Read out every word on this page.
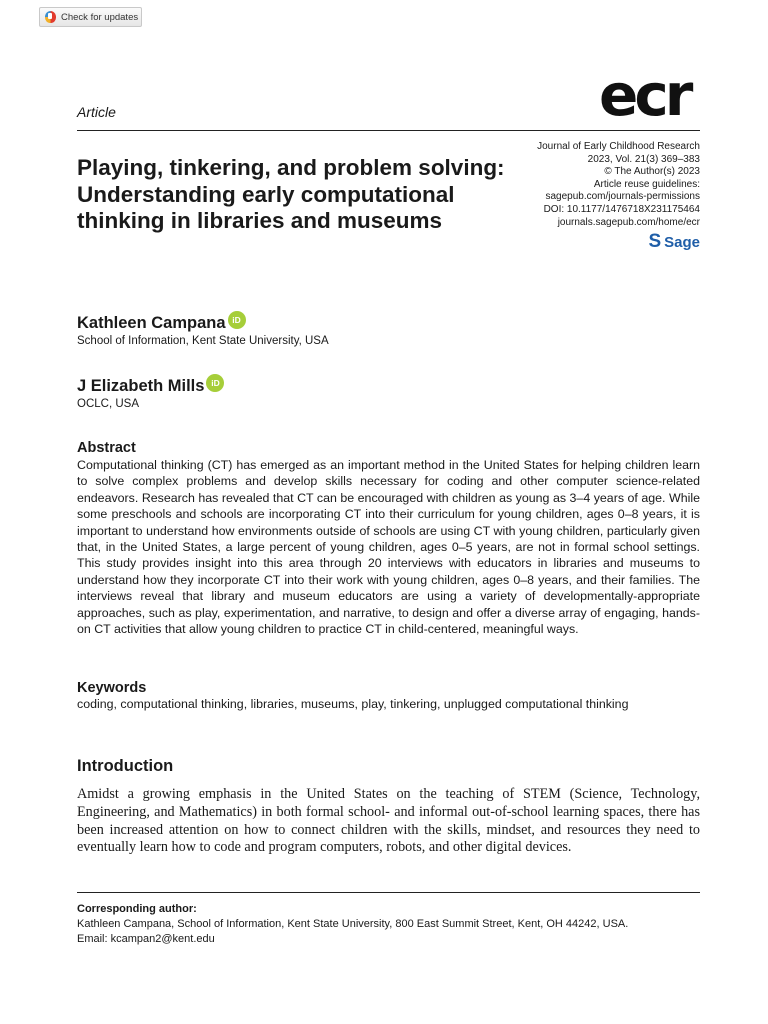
Check for updates
Article	ecr
Playing, tinkering, and problem solving: Understanding early computational thinking in libraries and museums
Journal of Early Childhood Research
2023, Vol. 21(3) 369–383
© The Author(s) 2023
Article reuse guidelines:
sagepub.com/journals-permissions
DOI: 10.1177/1476718X231175464
journals.sagepub.com/home/ecr
S Sage
Kathleen Campana iD
School of Information, Kent State University, USA
J Elizabeth Mills iD
OCLC, USA
Abstract

Computational thinking (CT) has emerged as an important method in the United States for helping children learn to solve complex problems and develop skills necessary for coding and other computer science-related endeavors. Research has revealed that CT can be encouraged with children as young as 3–4 years of age. While some preschools and schools are incorporating CT into their curriculum for young children, ages 0–8 years, it is important to understand how environments outside of schools are using CT with young children, particularly given that, in the United States, a large percent of young children, ages 0–5 years, are not in formal school settings. This study provides insight into this area through 20 interviews with educators in libraries and museums to understand how they incorporate CT into their work with young children, ages 0–8 years, and their families. The interviews reveal that library and museum educators are using a variety of developmentally-appropriate approaches, such as play, experimentation, and narrative, to design and offer a diverse array of engaging, hands-on CT activities that allow young children to practice CT in child-centered, meaningful ways.

Keywords

coding, computational thinking, libraries, museums, play, tinkering, unplugged computational thinking

Introduction

Amidst a growing emphasis in the United States on the teaching of STEM (Science, Technology, Engineering, and Mathematics) in both formal school- and informal out-of-school learning spaces, there has been increased attention on how to connect children with the skills, mindset, and resources they need to eventually learn how to code and program computers, robots, and other digital devices.

Corresponding author:
Kathleen Campana, School of Information, Kent State University, 800 East Summit Street, Kent, OH 44242, USA.
Email: kcampan2@kent.edu
